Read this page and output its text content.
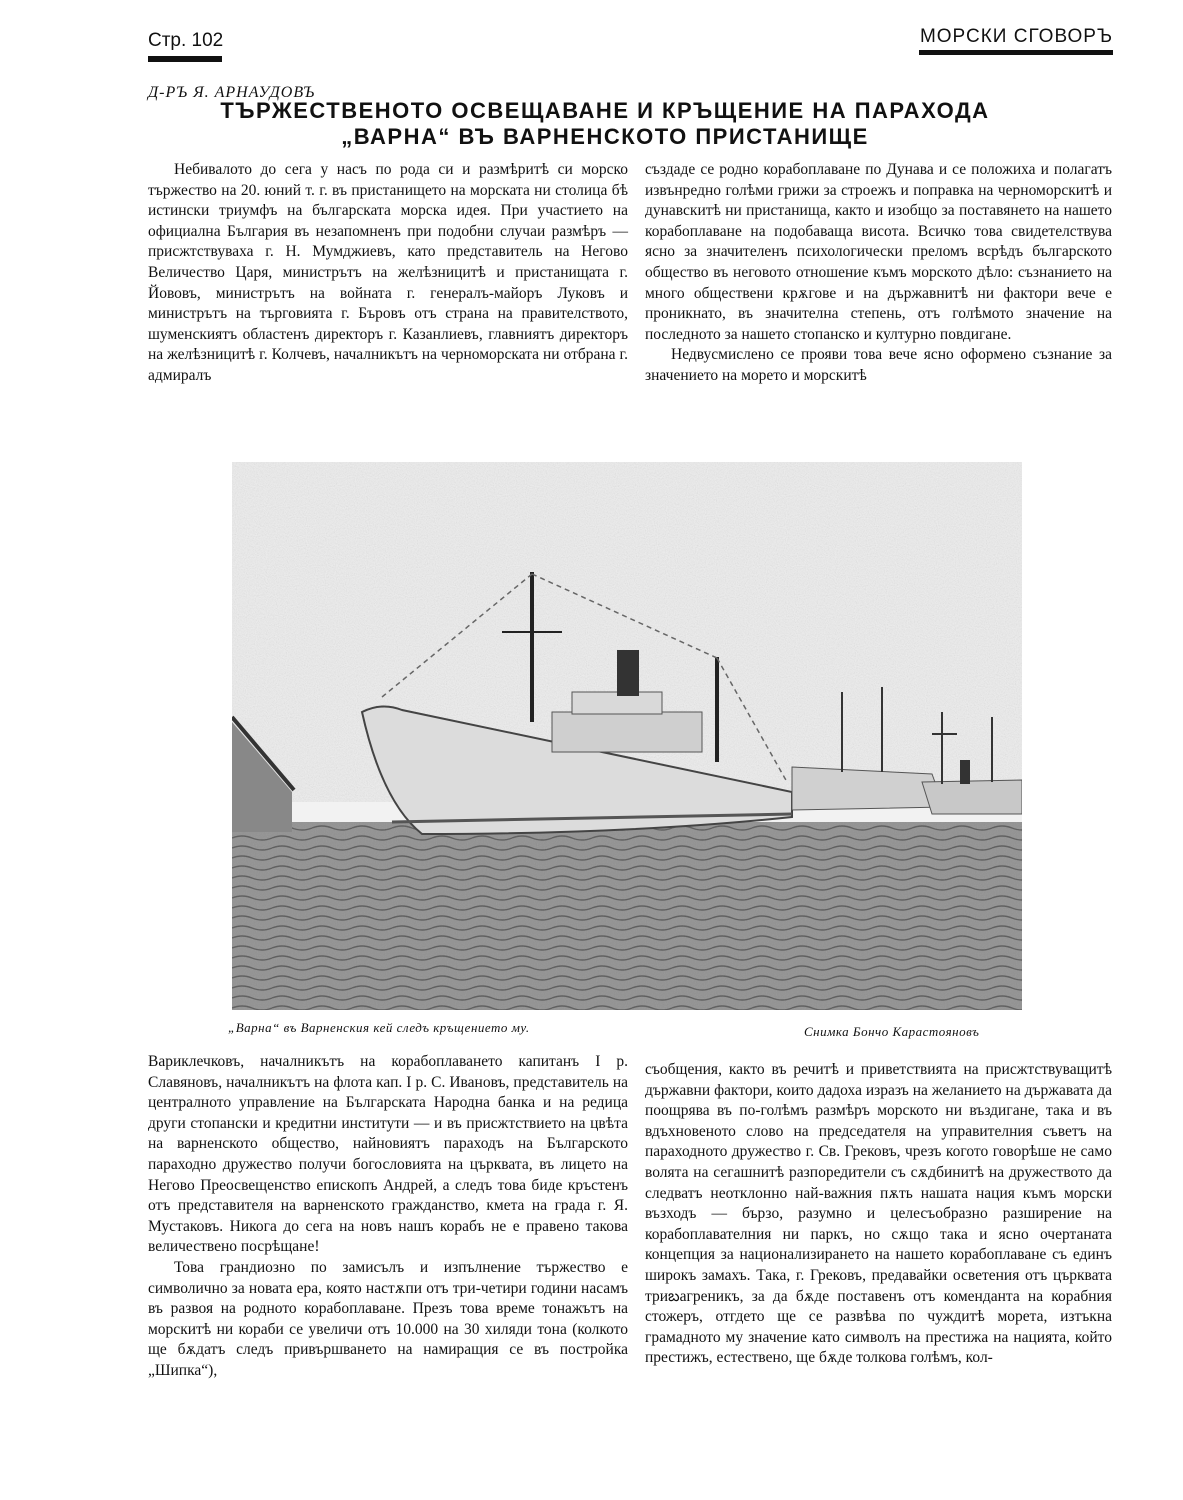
Стр. 102	МОРСКИ СГОВОРЪ
Д-РЪ Я. АРНАУДОВЪ
ТЪРЖЕСТВЕНОТО ОСВЕЩАВАНЕ И КРЪЩЕНИЕ НА ПАРАХОДА „ВАРНА“ ВЪ ВАРНЕНСКОТО ПРИСТАНИЩЕ

Небивалото до сега у насъ по рода си и размѣритѣ си морско тържество на 20. юний т. г. въ пристанището на морската ни столица бѣ истински триумфъ на българската морска идея. При участието на официална България въ незапомненъ при подобни случаи размѣръ — присжтствуваха г. Н. Мумджиевъ, като представитель на Негово Величество Царя, министрътъ на желѣзницитѣ и пристанищата г. Йововъ, министрътъ на войната г. генералъ-майоръ Луковъ и министрътъ на търговията г. Бъровъ отъ страна на правителството, шуменскиятъ областенъ директоръ г. Казанлиевъ, главниятъ директоръ на желѣзницитѣ г. Колчевъ, началникътъ на черноморската ни отбрана г. адмиралъ

създаде се родно корабоплаване по Дунава и се положиха и полагатъ извънредно голѣми грижи за строежъ и поправка на черноморскитѣ и дунавскитѣ ни пристанища, както и изобщо за поставянето на нашето корабоплаване на подобаваща висота. Всичко това свидетелствува ясно за значителенъ психологически преломъ всрѣдъ българското общество въ неговото отношение къмъ морското дѣло: съзнанието на много обществени крѫгове и на държавнитѣ ни фактори вече е проникнато, въ значителна степень, отъ голѣмото значение на последното за нашето стопанско и културно повдигане.

Недвусмислено се прояви това вече ясно оформено съзнание за значението на морето и морскитѣ

„Варна“ въ Варненския кей следъ кръщението му.	Снимка Бончо Карастояновъ

Вариклечковъ, началникътъ на корабоплаването капитанъ I р. Славяновъ, началникътъ на флота кап. I р. С. Ивановъ, представитель на централното управление на Българската Народна банка и на редица други стопански и кредитни институти — и въ присжтствието на цвѣта на варненското общество, найновиятъ параходъ на Българското параходно дружество получи богословията на църквата, въ лицето на Негово Преосвещенство епископъ Андрей, а следъ това биде кръстенъ отъ представителя на варненското гражданство, кмета на града г. Я. Мустаковъ. Никога до сега на новъ нашъ корабъ не е правено такова величествено посрѣщане!

Това грандиозно по замисълъ и изпълнение тържество е символично за новата ера, която настѫпи отъ три-четири години насамъ въ развоя на родното корабоплаване. Презъ това време тонажътъ на морскитѣ ни кораби се увеличи отъ 10.000 на 30 хиляди тона (колкото ще бѫдатъ следъ привършването на намиращия се въ постройка „Шипка“),

съобщения, както въ речитѣ и приветствията на присжтствуващитѣ държавни фактори, които дадоха изразъ на желанието на държавата да поощрява въ по-голѣмъ размѣръ морското ни въздигане, така и въ вдъхновеното слово на председателя на управителния съветъ на параходното дружество г. Св. Грековъ, чрезъ когото говорѣше не само волята на сегашнитѣ разпоредители съ сѫдбинитѣ на дружеството да следватъ неотклонно най-важния пѫть нашата нация къмъ морски възходъ — бързо, разумно и целесъобразно разширение на корабоплавателния ни паркъ, но сѫщо така и ясно очертаната концепция за национализирането на нашето корабоплаване съ единъ широкъ замахъ. Така, г. Грековъ, предавайки осветения отъ църквата триబагреникъ, за да бѫде поставенъ отъ коменданта на корабния стожеръ, отгдето ще се развѣва по чуждитѣ морета, изтъкна грамадното му значение като символъ на престижа на нацията, който престижъ, естествено, ще бѫде толкова голѣмъ, кол-
